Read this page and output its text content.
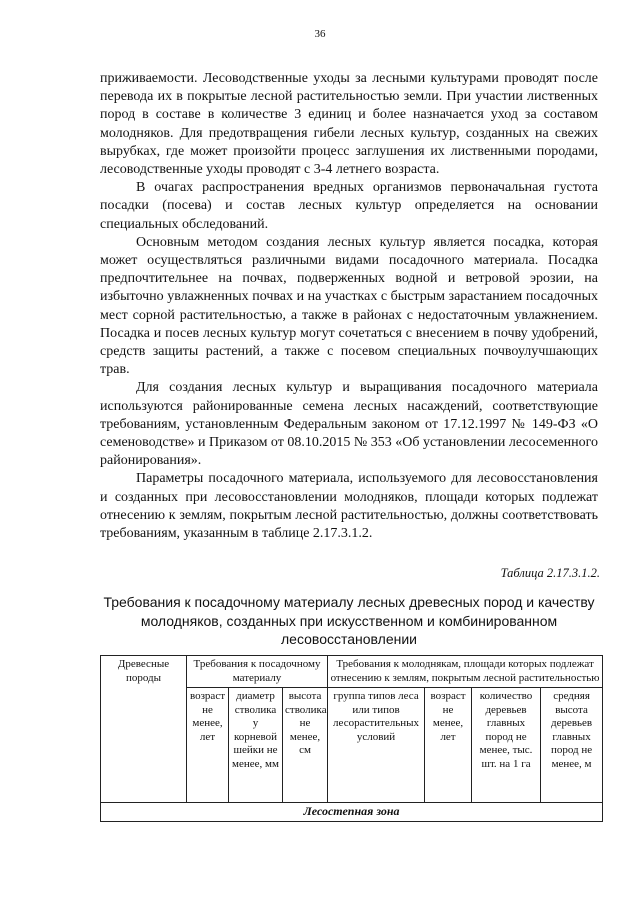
36

приживаемости. Лесоводственные уходы за лесными культурами проводят после перевода их в покрытые лесной растительностью земли. При участии лиственных пород в составе в количестве 3 единиц и более назначается уход за составом молодняков. Для предотвращения гибели лесных культур, созданных на свежих вырубках, где может произойти процесс заглушения их лиственными породами, лесоводственные уходы проводят с 3-4 летнего возраста.

В очагах распространения вредных организмов первоначальная густота посадки (посева) и состав лесных культур определяется на основании специальных обследований.

Основным методом создания лесных культур является посадка, которая может осуществляться различными видами посадочного материала. Посадка предпочтительнее на почвах, подверженных водной и ветровой эрозии, на избыточно увлажненных почвах и на участках с быстрым зарастанием посадочных мест сорной растительностью, а также в районах с недостаточным увлажнением. Посадка и посев лесных культур могут сочетаться с внесением в почву удобрений, средств защиты растений, а также с посевом специальных почвоулучшающих трав.

Для создания лесных культур и выращивания посадочного материала используются районированные семена лесных насаждений, соответствующие требованиям, установленным Федеральным законом от 17.12.1997 № 149-ФЗ «О семеноводстве» и Приказом от 08.10.2015 № 353 «Об установлении лесосеменного районирования».

Параметры посадочного материала, используемого для лесовосстановления и созданных при лесовосстановлении молодняков, площади которых подлежат отнесению к землям, покрытым лесной растительностью, должны соответствовать требованиям, указанным в таблице 2.17.3.1.2.

Таблица 2.17.3.1.2.
Требования к посадочному материалу лесных древесных пород и качеству молодняков, созданных при искусственном и комбинированном лесовосстановлении
Древесные породы	Требования к посадочному материалу			Требования к молоднякам, площади которых подлежат отнесению к землям, покрытым лесной растительностью			
	возраст не менее, лет	диаметр стволика у корневой шейки не менее, мм	высота стволика не менее, см	группа типов леса или типов лесорастительных условий	возраст не менее, лет	количество деревьев главных пород не менее, тыс. шт. на 1 га	средняя высота деревьев главных пород не менее, м
Лесостепная зона							
